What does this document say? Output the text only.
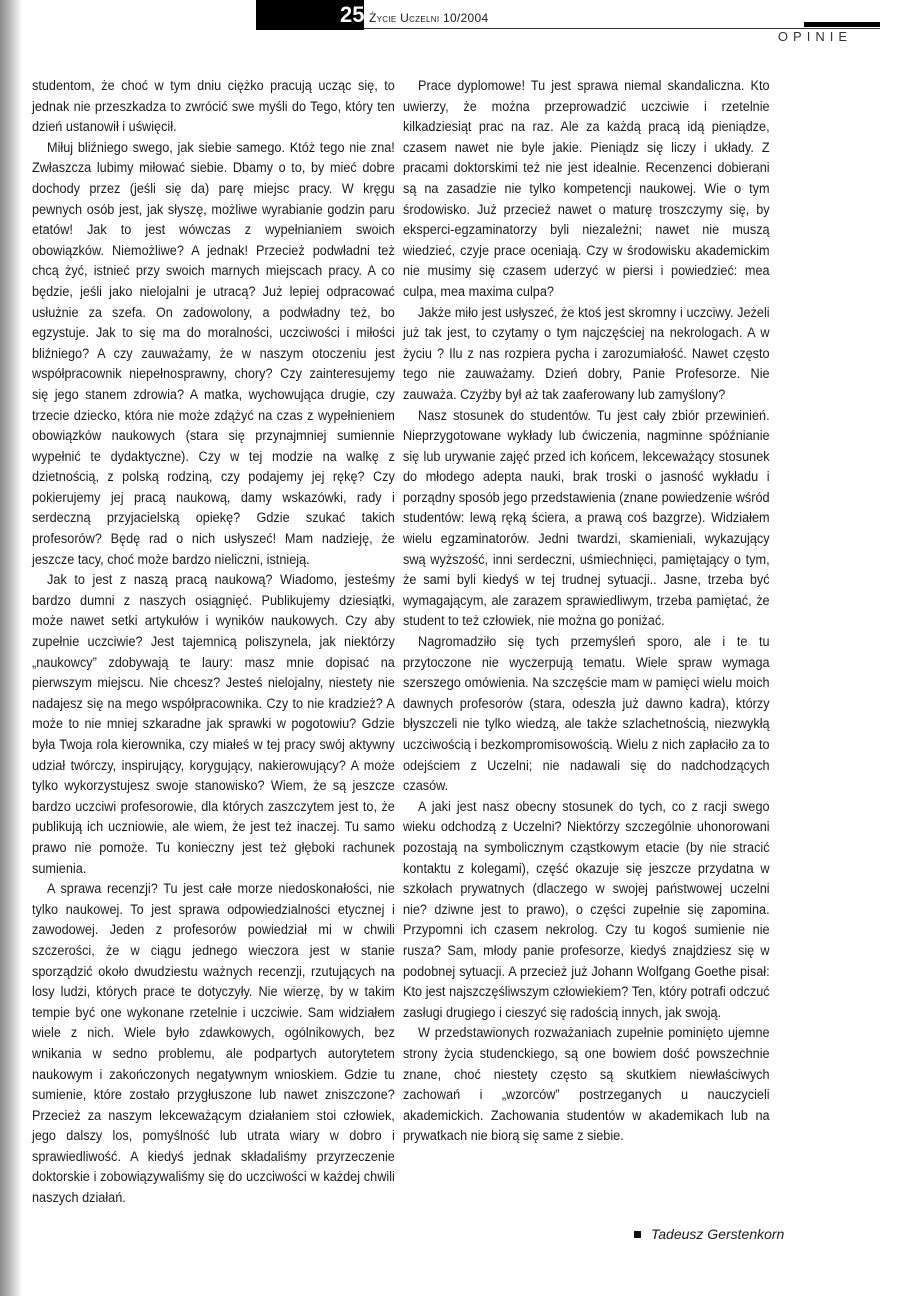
25 Życie Uczelni 10/2004
OPINIE

studentom, że choć w tym dniu ciężko pracują ucząc się, to jednak nie przeszkadza to zwrócić swe myśli do Tego, który ten dzień ustanowił i uświęcił.

Miłuj bliźniego swego, jak siebie samego. Któż tego nie zna! Zwłaszcza lubimy miłować siebie. Dbamy o to, by mieć dobre dochody przez (jeśli się da) parę miejsc pracy. W kręgu pewnych osób jest, jak słyszę, możliwe wyrabianie godzin paru etatów! Jak to jest wówczas z wypełnianiem swoich obowiązków. Niemożliwe? A jednak! Przecież podwładni też chcą żyć, istnieć przy swoich marnych miejscach pracy. A co będzie, jeśli jako nielojalni je utracą? Już lepiej odpracować usłużnie za szefa. On zadowolony, a podwładny też, bo egzystuje. Jak to się ma do moralności, uczciwości i miłości bliźniego? A czy zauważamy, że w naszym otoczeniu jest współpracownik niepełnosprawny, chory? Czy zainteresujemy się jego stanem zdrowia? A matka, wychowująca drugie, czy trzecie dziecko, która nie może zdążyć na czas z wypełnieniem obowiązków naukowych (stara się przynajmniej sumiennie wypełnić te dydaktyczne). Czy w tej modzie na walkę z dzietnością, z polską rodziną, czy podajemy jej rękę? Czy pokierujemy jej pracą naukową, damy wskazówki, rady i serdeczną przyjacielską opiekę? Gdzie szukać takich profesorów? Będę rad o nich usłyszeć! Mam nadzieję, że jeszcze tacy, choć może bardzo nieliczni, istnieją.

Jak to jest z naszą pracą naukową? Wiadomo, jesteśmy bardzo dumni z naszych osiągnięć. Publikujemy dziesiątki, może nawet setki artykułów i wyników naukowych. Czy aby zupełnie uczciwie? Jest tajemnicą poliszynela, jak niektórzy „naukowcy” zdobywają te laury: masz mnie dopisać na pierwszym miejscu. Nie chcesz? Jesteś nielojalny, niestety nie nadajesz się na mego współpracownika. Czy to nie kradzież? A może to nie mniej szkaradne jak sprawki w pogotowiu? Gdzie była Twoja rola kierownika, czy miałeś w tej pracy swój aktywny udział twórczy, inspirujący, korygujący, nakierowujący? A może tylko wykorzystujesz swoje stanowisko? Wiem, że są jeszcze bardzo uczciwi profesorowie, dla których zaszczytem jest to, że publikują ich uczniowie, ale wiem, że jest też inaczej. Tu samo prawo nie pomoże. Tu konieczny jest też głęboki rachunek sumienia.

A sprawa recenzji? Tu jest całe morze niedoskonałości, nie tylko naukowej. To jest sprawa odpowiedzialności etycznej i zawodowej. Jeden z profesorów powiedział mi w chwili szczerości, że w ciągu jednego wieczora jest w stanie sporządzić około dwudziestu ważnych recenzji, rzutujących na losy ludzi, których prace te dotyczyły. Nie wierzę, by w takim tempie być one wykonane rzetelnie i uczciwie. Sam widziałem wiele z nich. Wiele było zdawkowych, ogólnikowych, bez wnikania w sedno problemu, ale podpartych autorytetem naukowym i zakończonych negatywnym wnioskiem. Gdzie tu sumienie, które zostało przygłuszone lub nawet zniszczone? Przecież za naszym lekceważącym działaniem stoi człowiek, jego dalszy los, pomyślność lub utrata wiary w dobro i sprawiedliwość. A kiedyś jednak składaliśmy przyrzeczenie doktorskie i zobowiązywaliśmy się do uczciwości w każdej chwili naszych działań.

Prace dyplomowe! Tu jest sprawa niemal skandaliczna. Kto uwierzy, że można przeprowadzić uczciwie i rzetelnie kilkadziesiąt prac na raz. Ale za każdą pracą idą pieniądze, czasem nawet nie byle jakie. Pieniądz się liczy i układy. Z pracami doktorskimi też nie jest idealnie. Recenzenci dobierani są na zasadzie nie tylko kompetencji naukowej. Wie o tym środowisko. Już przecież nawet o maturę troszczymy się, by eksperci-egzaminatorzy byli niezależni; nawet nie muszą wiedzieć, czyje prace oceniają. Czy w środowisku akademickim nie musimy się czasem uderzyć w piersi i powiedzieć: mea culpa, mea maxima culpa?

Jakże miło jest usłyszeć, że ktoś jest skromny i uczciwy. Jeżeli już tak jest, to czytamy o tym najczęściej na nekrologach. A w życiu ? Ilu z nas rozpiera pycha i zarozumiałość. Nawet często tego nie zauważamy. Dzień dobry, Panie Profesorze. Nie zauważa. Czyżby był aż tak zaaferowany lub zamyślony?

Nasz stosunek do studentów. Tu jest cały zbiór przewinień. Nieprzygotowane wykłady lub ćwiczenia, nagminne spóźnianie się lub urywanie zajęć przed ich końcem, lekceważący stosunek do młodego adepta nauki, brak troski o jasność wykładu i porządny sposób jego przedstawienia (znane powiedzenie wśród studentów: lewą ręką ściera, a prawą coś bazgrze). Widziałem wielu egzaminatorów. Jedni twardzi, skamieniali, wykazujący swą wyższość, inni serdeczni, uśmiechnięci, pamiętający o tym, że sami byli kiedyś w tej trudnej sytuacji.. Jasne, trzeba być wymagającym, ale zarazem sprawiedliwym, trzeba pamiętać, że student to też człowiek, nie można go poniżać.

Nagromadziło się tych przemyśleń sporo, ale i te tu przytoczone nie wyczerpują tematu. Wiele spraw wymaga szerszego omówienia. Na szczęście mam w pamięci wielu moich dawnych profesorów (stara, odeszła już dawno kadra), którzy błyszczeli nie tylko wiedzą, ale także szlachetnością, niezwykłą uczciwością i bezkompromisowością. Wielu z nich zapłaciło za to odejściem z Uczelni; nie nadawali się do nadchodzących czasów.

A jaki jest nasz obecny stosunek do tych, co z racji swego wieku odchodzą z Uczelni? Niektórzy szczególnie uhonorowani pozostają na symbolicznym cząstkowym etacie (by nie stracić kontaktu z kolegami), część okazuje się jeszcze przydatna w szkołach prywatnych (dlaczego w swojej państwowej uczelni nie? dziwne jest to prawo), o części zupełnie się zapomina. Przypomni ich czasem nekrolog. Czy tu kogoś sumienie nie rusza? Sam, młody panie profesorze, kiedyś znajdziesz się w podobnej sytuacji. A przecież już Johann Wolfgang Goethe pisał: Kto jest najszczęśliwszym człowiekiem? Ten, który potrafi odczuć zasługi drugiego i cieszyć się radością innych, jak swoją.

W przedstawionych rozważaniach zupełnie pominięto ujemne strony życia studenckiego, są one bowiem dość powszechnie znane, choć niestety często są skutkiem niewłaściwych zachowań i „wzorców” postrzeganych u nauczycieli akademickich. Zachowania studentów w akademikach lub na prywatkach nie biorą się same z siebie.

Tadeusz Gerstenkorn
